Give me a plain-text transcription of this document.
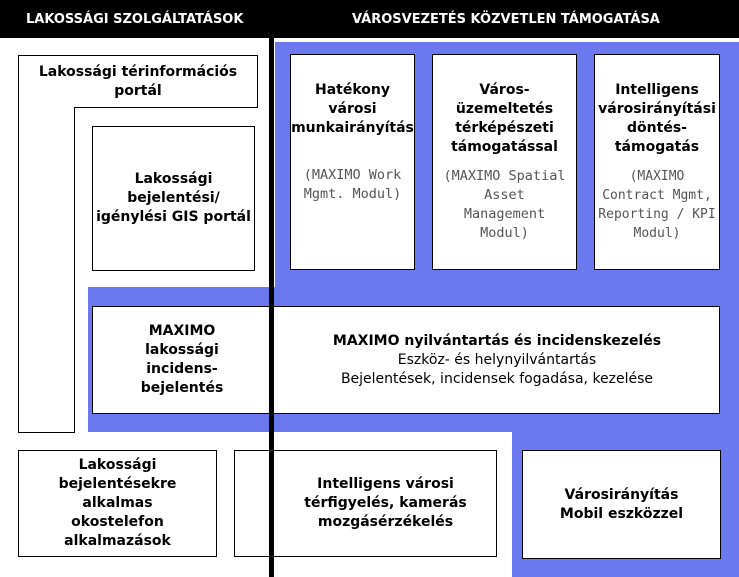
LAKOSSÁGI SZOLGÁLTATÁSOK	VÁROSVEZETÉS KÖZVETLEN TÁMOGATÁSA
Lakossági térinformációs
portál
Lakossági
bejelentési/
igénylési GIS portál
Hatékony
városi
munkairányítás
(MAXIMO Work
Mgmt. Modul)
Város-
üzemeltetés
térképészeti
támogatással
(MAXIMO Spatial
Asset
Management
Modul)
Intelligens
városirányítási
döntés-
támogatás
(MAXIMO
Contract Mgmt,
Reporting / KPI
Modul)
MAXIMO
lakossági
incidens-
bejelentés
MAXIMO nyilvántartás és incidenskezelés
Eszköz- és helynyilvántartás
Bejelentések, incidensek fogadása, kezelése
Lakossági
bejelentésekre
alkalmas
okostelefon
alkalmazások
Intelligens városi
térfigyelés, kamerás
mozgásérzékelés
Városirányítás
Mobil eszközzel
